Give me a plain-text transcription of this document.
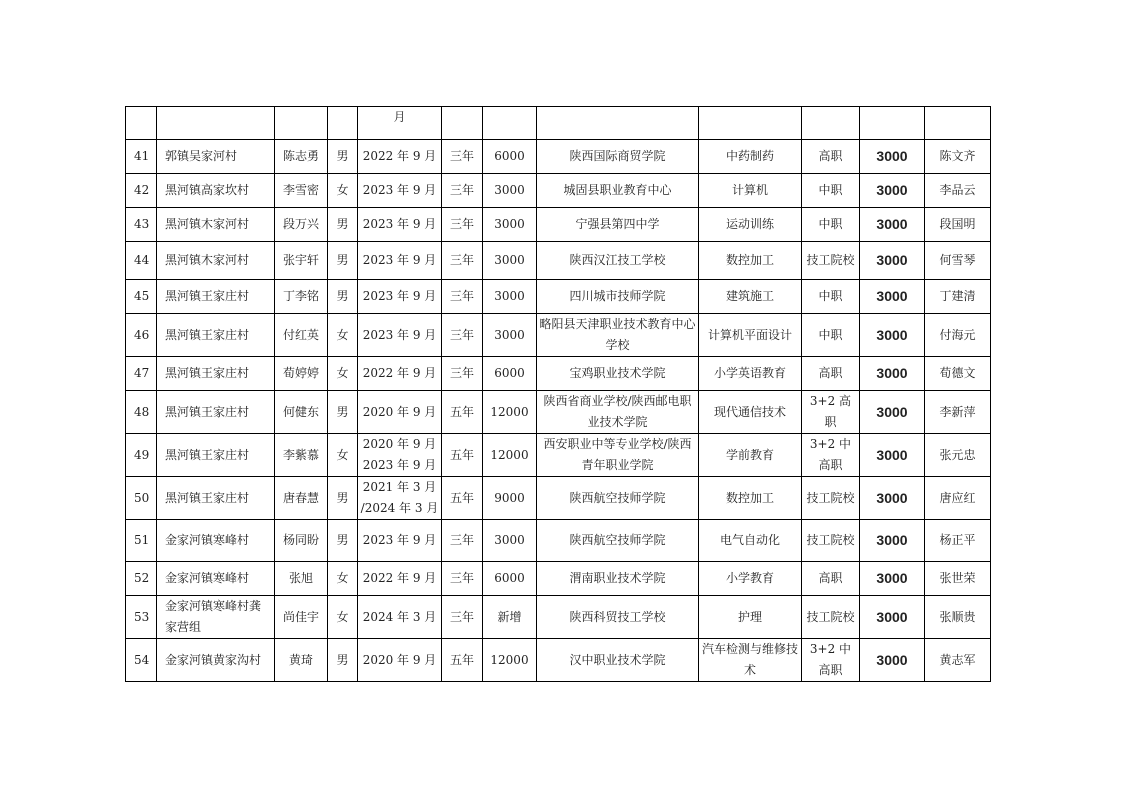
				月							
41	郭镇吴家河村	陈志勇	男	2022 年 9 月	三年	6000	陕西国际商贸学院	中药制药	高职	3000	陈文齐
42	黑河镇高家坎村	李雪密	女	2023 年 9 月	三年	3000	城固县职业教育中心	计算机	中职	3000	李品云
43	黑河镇木家河村	段万兴	男	2023 年 9 月	三年	3000	宁强县第四中学	运动训练	中职	3000	段国明
44	黑河镇木家河村	张宇轩	男	2023 年 9 月	三年	3000	陕西汉江技工学校	数控加工	技工院校	3000	何雪琴
45	黑河镇王家庄村	丁李铭	男	2023 年 9 月	三年	3000	四川城市技师学院	建筑施工	中职	3000	丁建清
46	黑河镇王家庄村	付红英	女	2023 年 9 月	三年	3000	略阳县天津职业技术教育中心学校	计算机平面设计	中职	3000	付海元
47	黑河镇王家庄村	荀婷婷	女	2022 年 9 月	三年	6000	宝鸡职业技术学院	小学英语教育	高职	3000	荀德文
48	黑河镇王家庄村	何健东	男	2020 年 9 月	五年	12000	陕西省商业学校/陕西邮电职业技术学院	现代通信技术	3+2 高职	3000	李新萍
49	黑河镇王家庄村	李紫慕	女	2020 年 9 月 2023 年 9 月	五年	12000	西安职业中等专业学校/陕西青年职业学院	学前教育	3+2 中高职	3000	张元忠
50	黑河镇王家庄村	唐春慧	男	2021 年 3 月 /2024 年 3 月	五年	9000	陕西航空技师学院	数控加工	技工院校	3000	唐应红
51	金家河镇寒峰村	杨同盼	男	2023 年 9 月	三年	3000	陕西航空技师学院	电气自动化	技工院校	3000	杨正平
52	金家河镇寒峰村	张旭	女	2022 年 9 月	三年	6000	渭南职业技术学院	小学教育	高职	3000	张世荣
53	金家河镇寒峰村龚家营组	尚佳宇	女	2024 年 3 月	三年	新增	陕西科贸技工学校	护理	技工院校	3000	张顺贵
54	金家河镇黄家沟村	黄琦	男	2020 年 9 月	五年	12000	汉中职业技术学院	汽车检测与维修技术	3+2 中高职	3000	黄志军
